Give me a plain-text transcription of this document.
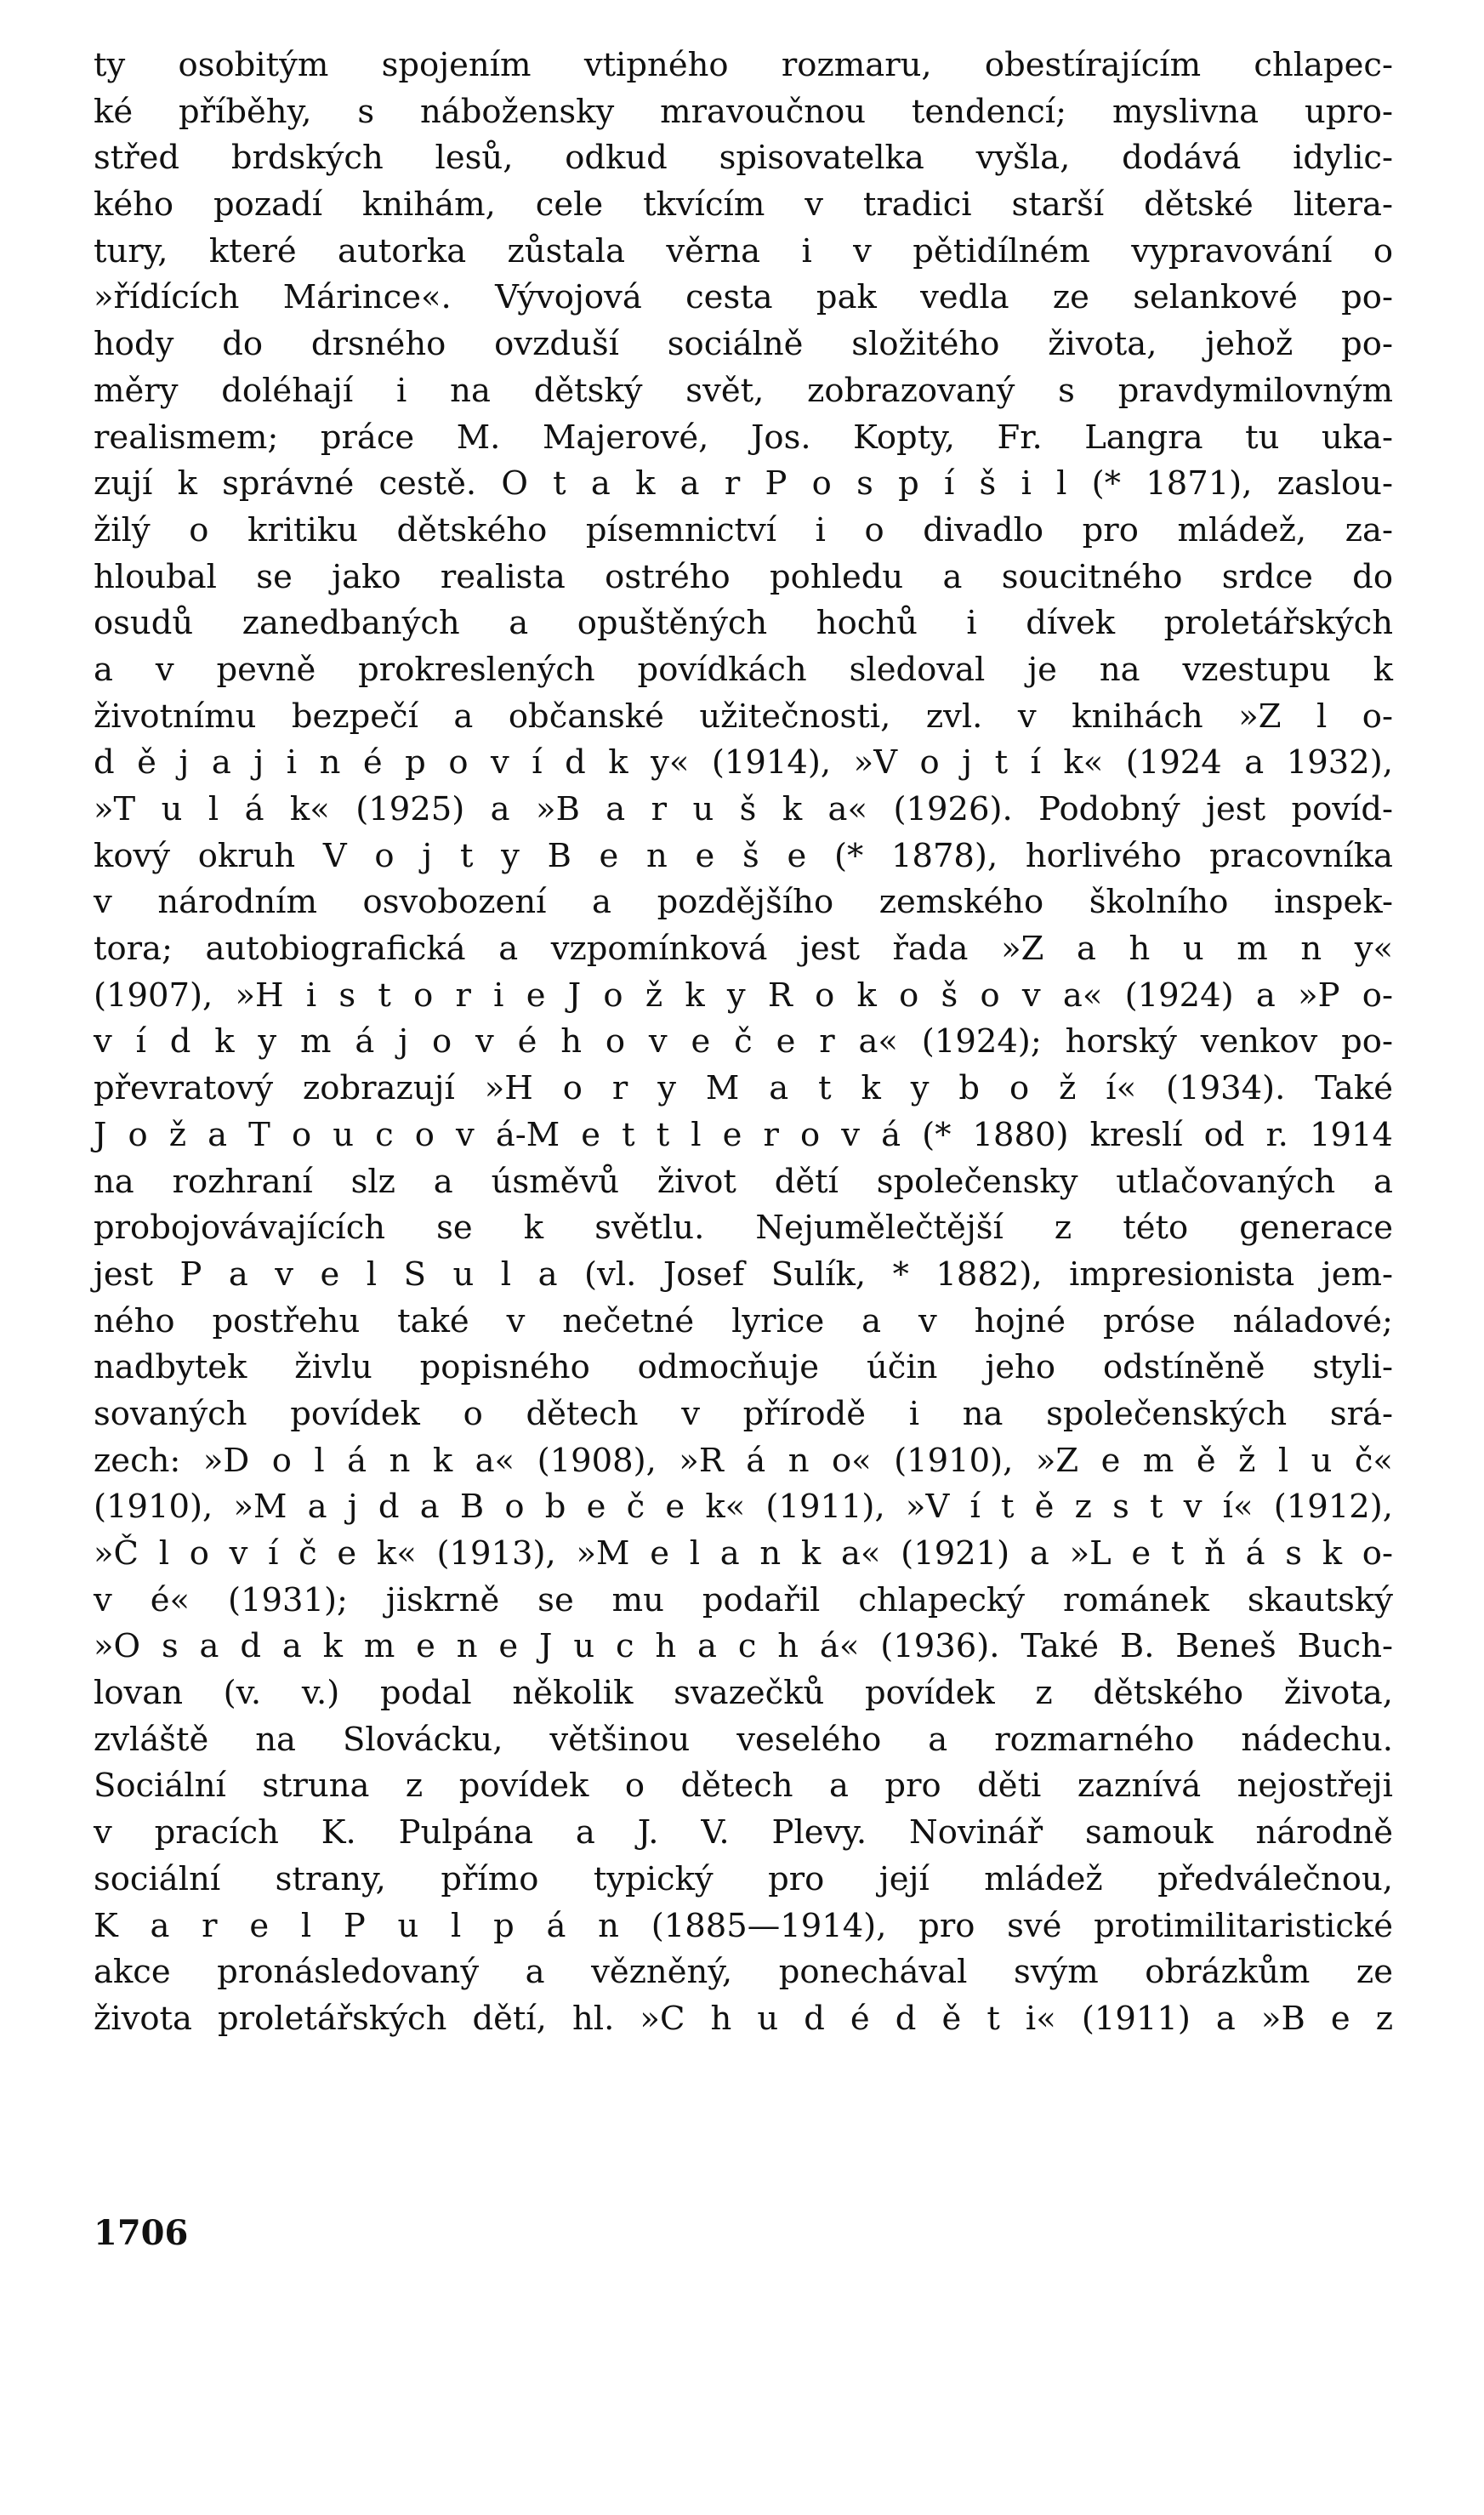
ty osobitým spojením vtipného rozmaru, obestírajícím chlapec-
ké příběhy, s nábožensky mravoučnou tendencí; myslivna upro-
střed brdských lesů, odkud spisovatelka vyšla, dodává idylic-
kého pozadí knihám, cele tkvícím v tradici starší dětské litera-
tury, které autorka zůstala věrna i v pětidílném vypravování o
»řídících Márince«. Vývojová cesta pak vedla ze selankové po-
hody do drsného ovzduší sociálně složitého života, jehož po-
měry doléhají i na dětský svět, zobrazovaný s pravdymilovným
realismem; práce M. Majerové, Jos. Kopty, Fr. Langra tu uka-
zují k správné cestě. O t a k a r P o s p í š i l (* 1871), zaslou-
žilý o kritiku dětského písemnictví i o divadlo pro mládež, za-
hloubal se jako realista ostrého pohledu a soucitného srdce do
osudů zanedbaných a opuštěných hochů i dívek proletářských
a v pevně prokreslených povídkách sledoval je na vzestupu k
životnímu bezpečí a občanské užitečnosti, zvl. v knihách »Z l o-
d ě j a j i n é p o v í d k y« (1914), »V o j t í k« (1924 a 1932),
»T u l á k« (1925) a »B a r u š k a« (1926). Podobný jest povíd-
kový okruh V o j t y B e n e š e (* 1878), horlivého pracovníka
v národním osvobození a pozdějšího zemského školního inspek-
tora; autobiografická a vzpomínková jest řada »Z a h u m n y«
(1907), »H i s t o r i e J o ž k y R o k o š o v a« (1924) a »P o-
v í d k y m á j o v é h o v e č e r a« (1924); horský venkov po-
převratový zobrazují »H o r y M a t k y b o ž í« (1934). Také
J o ž a T o u c o v á-M e t t l e r o v á (* 1880) kreslí od r. 1914
na rozhraní slz a úsměvů život dětí společensky utlačovaných a
probojovávajících se k světlu. Nejumělečtější z této generace
jest P a v e l S u l a (vl. Josef Sulík, * 1882), impresionista jem-
ného postřehu také v nečetné lyrice a v hojné próse náladové;
nadbytek živlu popisného odmocňuje účin jeho odstíněně styli-
sovaných povídek o dětech v přírodě i na společenských srá-
zech: »D o l á n k a« (1908), »R á n o« (1910), »Z e m ě ž l u č«
(1910), »M a j d a B o b e č e k« (1911), »V í t ě z s t v í« (1912),
»Č l o v í č e k« (1913), »M e l a n k a« (1921) a »L e t ň á s k o-
v é« (1931); jiskrně se mu podařil chlapecký románek skautský
»O s a d a k m e n e J u c h a c h á« (1936). Také B. Beneš Buch-
lovan (v. v.) podal několik svazečků povídek z dětského života,
zvláště na Slovácku, většinou veselého a rozmarného nádechu.
Sociální struna z povídek o dětech a pro děti zaznívá nejostřeji
v pracích K. Pulpána a J. V. Plevy. Novinář samouk národně
sociální strany, přímo typický pro její mládež předválečnou,
K a r e l P u l p á n (1885—1914), pro své protimilitaristické
akce pronásledovaný a vězněný, ponechával svým obrázkům ze
života proletářských dětí, hl. »C h u d é d ě t i« (1911) a »B e z
1706
